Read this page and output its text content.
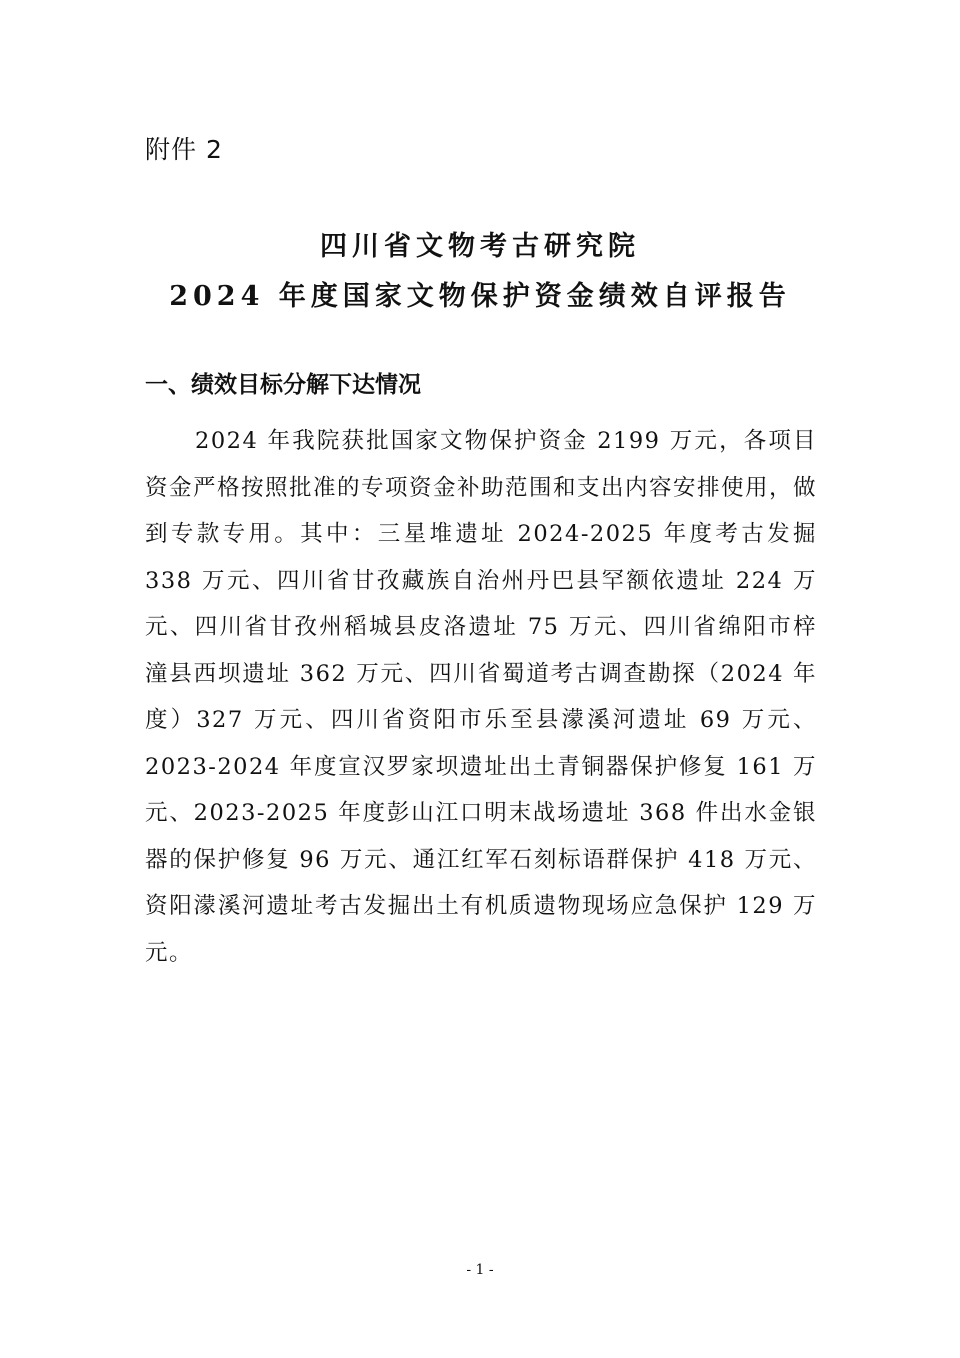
附件 2
四川省文物考古研究院
2024 年度国家文物保护资金绩效自评报告
一、绩效目标分解下达情况

2024 年我院获批国家文物保护资金 2199 万元，各项目资金严格按照批准的专项资金补助范围和支出内容安排使用，做到专款专用。其中：三星堆遗址 2024-2025 年度考古发掘 338 万元、四川省甘孜藏族自治州丹巴县罕额依遗址 224 万元、四川省甘孜州稻城县皮洛遗址 75 万元、四川省绵阳市梓潼县西坝遗址 362 万元、四川省蜀道考古调查勘探（2024 年度）327 万元、四川省资阳市乐至县濛溪河遗址 69 万元、2023-2024 年度宣汉罗家坝遗址出土青铜器保护修复 161 万元、2023-2025 年度彭山江口明末战场遗址 368 件出水金银器的保护修复 96 万元、通江红军石刻标语群保护 418 万元、资阳濛溪河遗址考古发掘出土有机质遗物现场应急保护 129 万元。

- 1 -
